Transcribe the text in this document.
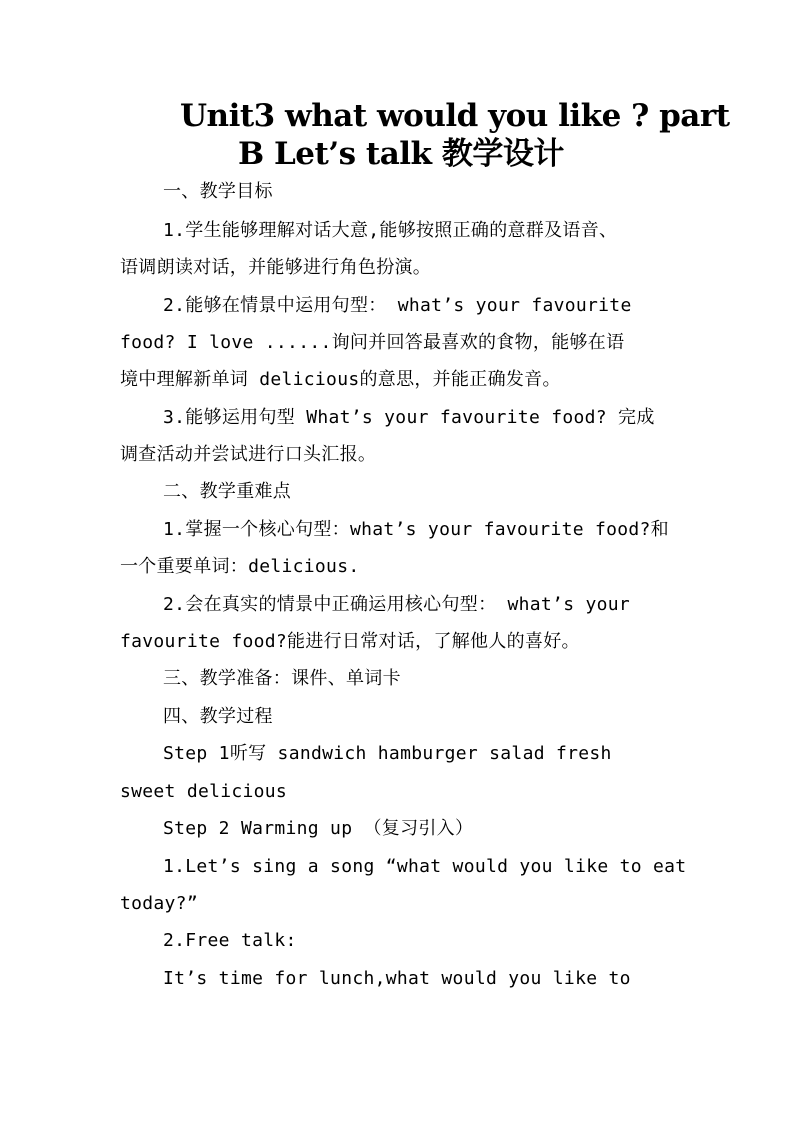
Unit3 what would you like ? part
B Let’s talk 教学设计
一、教学目标
1.学生能够理解对话大意,能够按照正确的意群及语音、
语调朗读对话，并能够进行角色扮演。
2.能够在情景中运用句型： what’s your favourite
food? I love ......询问并回答最喜欢的食物，能够在语
境中理解新单词 delicious的意思，并能正确发音。
3.能够运用句型 What’s your favourite food? 完成
调查活动并尝试进行口头汇报。
二、教学重难点
1.掌握一个核心句型：what’s your favourite food?和
一个重要单词：delicious.
2.会在真实的情景中正确运用核心句型： what’s your
favourite food?能进行日常对话，了解他人的喜好。
三、教学准备：课件、单词卡
四、教学过程
Step 1听写 sandwich hamburger salad fresh
sweet delicious
Step 2 Warming up （复习引入）
1.Let’s sing a song “what would you like to eat
today?”
2.Free talk:
It’s time for lunch,what would you like to
